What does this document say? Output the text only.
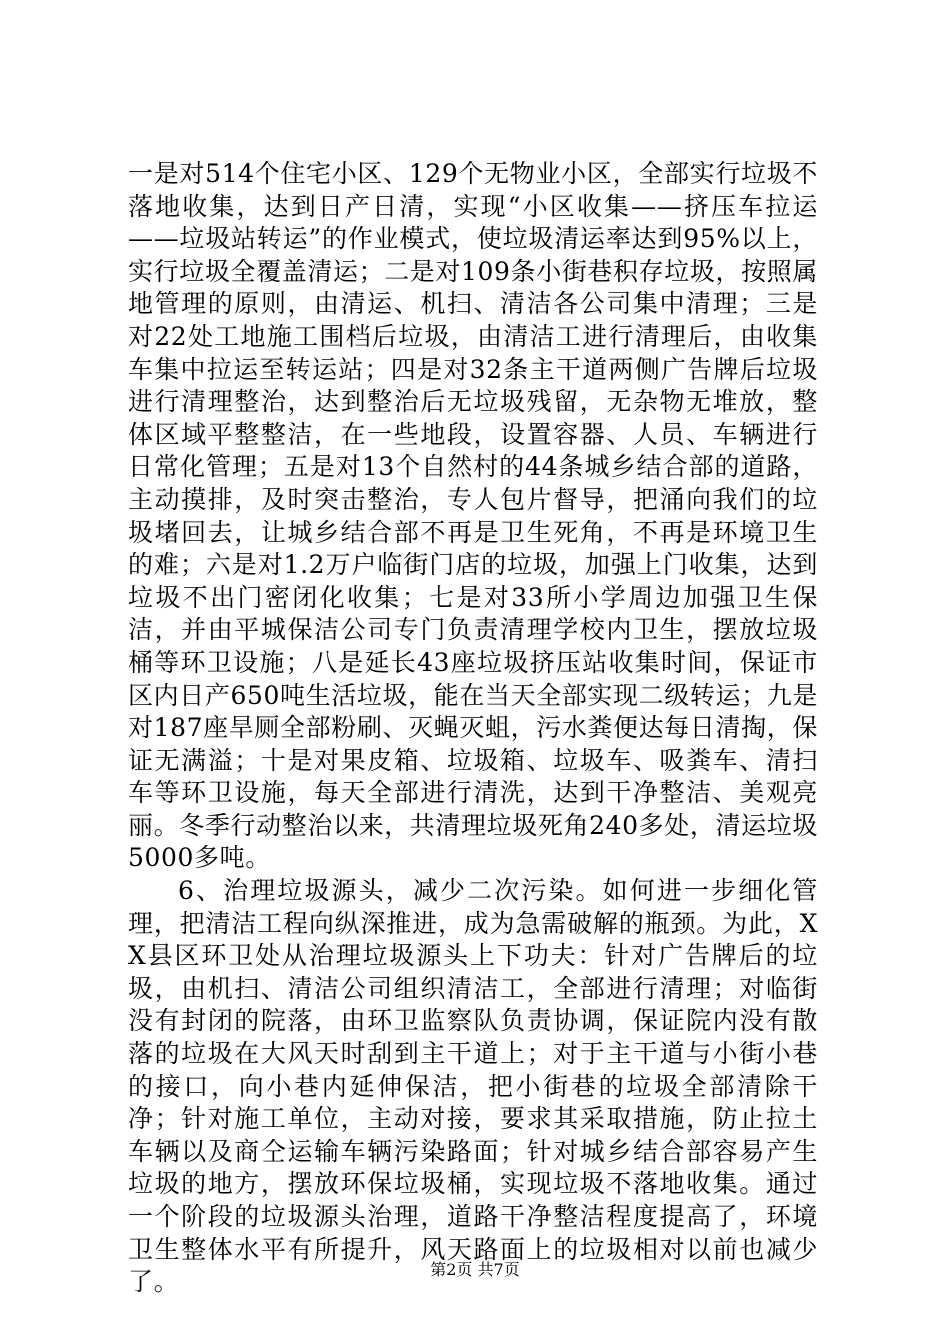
一是对514个住宅小区、129个无物业小区，全部实行垃圾不落地收集，达到日产日清，实现“小区收集——挤压车拉运——垃圾站转运”的作业模式，使垃圾清运率达到95%以上，实行垃圾全覆盖清运；二是对109条小街巷积存垃圾，按照属地管理的原则，由清运、机扫、清洁各公司集中清理；三是对22处工地施工围档后垃圾，由清洁工进行清理后，由收集车集中拉运至转运站；四是对32条主干道两侧广告牌后垃圾进行清理整治，达到整治后无垃圾残留，无杂物无堆放，整体区域平整整洁，在一些地段，设置容器、人员、车辆进行日常化管理；五是对13个自然村的44条城乡结合部的道路，主动摸排，及时突击整治，专人包片督导，把涌向我们的垃圾堵回去，让城乡结合部不再是卫生死角，不再是环境卫生的难；六是对1.2万户临街门店的垃圾，加强上门收集，达到垃圾不出门密闭化收集；七是对33所小学周边加强卫生保洁，并由平城保洁公司专门负责清理学校内卫生，摆放垃圾桶等环卫设施；八是延长43座垃圾挤压站收集时间，保证市区内日产650吨生活垃圾，能在当天全部实现二级转运；九是对187座旱厕全部粉刷、灭蝇灭蛆，污水粪便达每日清掏，保证无满溢；十是对果皮箱、垃圾箱、垃圾车、吸粪车、清扫车等环卫设施，每天全部进行清洗，达到干净整洁、美观亮丽。冬季行动整治以来，共清理垃圾死角240多处，清运垃圾5000多吨。

6、治理垃圾源头，减少二次污染。如何进一步细化管理，把清洁工程向纵深推进，成为急需破解的瓶颈。为此，XX县区环卫处从治理垃圾源头上下功夫：针对广告牌后的垃圾，由机扫、清洁公司组织清洁工，全部进行清理；对临街没有封闭的院落，由环卫监察队负责协调，保证院内没有散落的垃圾在大风天时刮到主干道上；对于主干道与小街小巷的接口，向小巷内延伸保洁，把小街巷的垃圾全部清除干净；针对施工单位，主动对接，要求其采取措施，防止拉土车辆以及商仝运输车辆污染路面；针对城乡结合部容易产生垃圾的地方，摆放环保垃圾桶，实现垃圾不落地收集。通过一个阶段的垃圾源头治理，道路干净整洁程度提高了，环境卫生整体水平有所提升，风天路面上的垃圾相对以前也减少了。	第2页 共7页
